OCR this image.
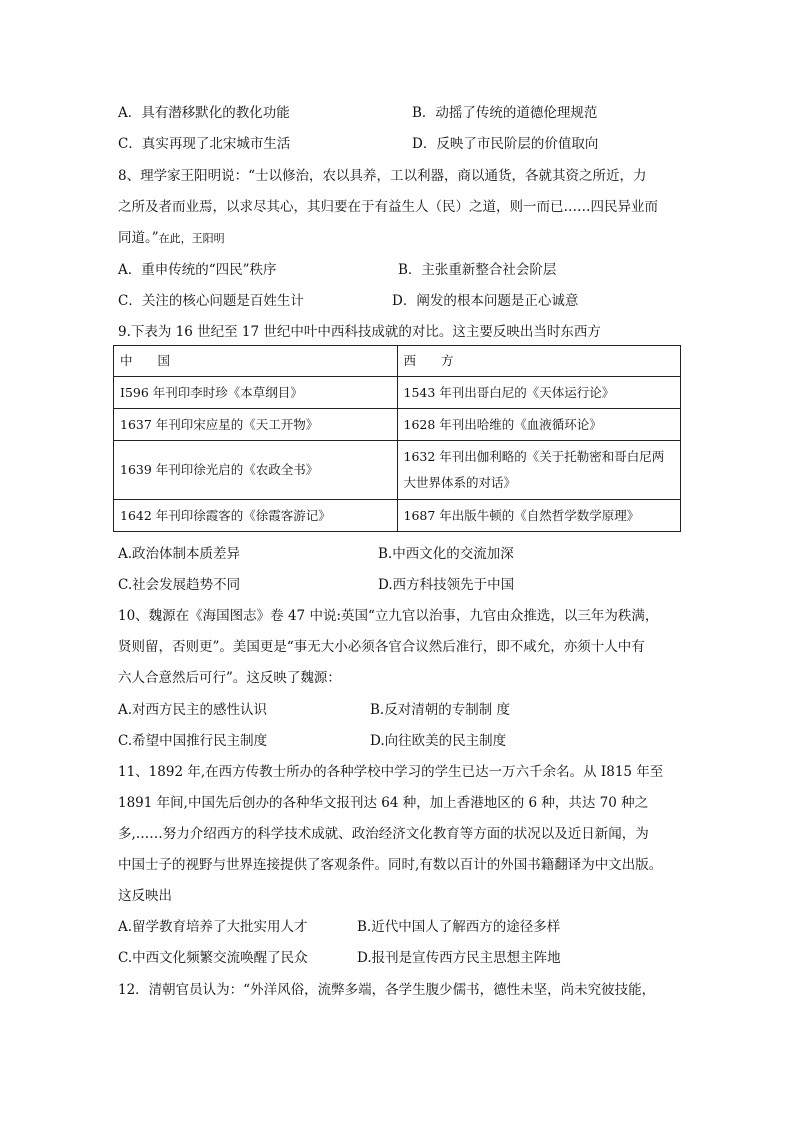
A．具有潜移默化的教化功能	B．动摇了传统的道德伦理规范
C．真实再现了北宋城市生活	D．反映了市民阶层的价值取向
8、理学家王阳明说：“士以修治，农以具养，工以利器，商以通货，各就其资之所近，力
之所及者而业焉，以求尽其心，其归要在于有益生人（民）之道，则一而已……四民异业而
同道。”在此，王阳明
A．重申传统的“四民”秩序	B．主张重新整合社会阶层
C．关注的核心问题是百姓生计	D．阐发的根本问题是正心诚意
9.下表为 16 世纪至 17 世纪中叶中西科技成就的对比。这主要反映出当时东西方
中　　国	西　　方
I596 年刊印李时珍《本草纲目》	1543 年刊出哥白尼的《天体运行论》
1637 年刊印宋应星的《天工开物》	1628 年刊出哈维的《血液循环论》
1639 年刊印徐光启的《农政全书》	1632 年刊出伽利略的《关于托勒密和哥白尼两大世界体系的对话》
1642 年刊印徐霞客的《徐霞客游记》	1687 年出版牛顿的《自然哲学数学原理》
A.政治体制本质差异	B.中西文化的交流加深
C.社会发展趋势不同	D.西方科技领先于中国
10、魏源在《海国图志》卷 47 中说:英国“立九官以治事，九官由众推选，以三年为秩满，
贤则留，否则更”。美国更是“事无大小必须各官合议然后准行，即不咸允，亦须十人中有
六人合意然后可行”。这反映了魏源：
A.对西方民主的感性认识	B.反对清朝的专制制 度
C.希望中国推行民主制度	D.向往欧美的民主制度
11、1892 年,在西方传教士所办的各种学校中学习的学生已达一万六千余名。从 I815 年至
1891 年间,中国先后创办的各种华文报刊达 64 种，加上香港地区的 6 种，共达 70 种之
多,……努力介绍西方的科学技术成就、政治经济文化教育等方面的状况以及近日新闻，为
中国士子的视野与世界连接提供了客观条件。同时,有数以百计的外国书籍翻译为中文出版。
这反映出
A.留学教育培养了大批实用人才	B.近代中国人了解西方的途径多样
C.中西文化频繁交流唤醒了民众	D.报刊是宣传西方民主思想主阵地
12．清朝官员认为：“外洋风俗，流弊多端，各学生腹少儒书，德性未坚，尚未究彼技能，
